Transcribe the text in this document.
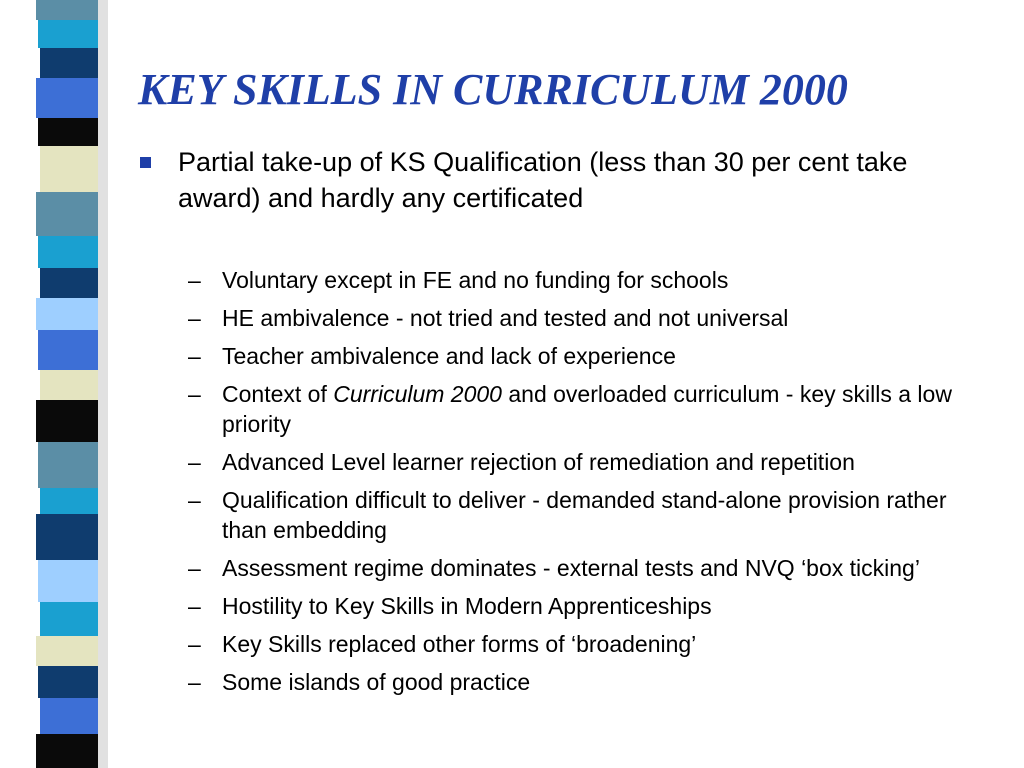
KEY SKILLS IN CURRICULUM 2000
Partial take-up of KS Qualification (less than 30 per cent take award) and hardly any certificated
– Voluntary except in FE and no funding for schools
– HE ambivalence - not tried and tested and not universal
– Teacher ambivalence and lack of experience
– Context of Curriculum 2000 and overloaded curriculum - key skills a low priority
– Advanced Level learner rejection of remediation and repetition
– Qualification difficult to deliver - demanded stand-alone provision rather than embedding
– Assessment regime dominates - external tests and NVQ ‘box ticking’
– Hostility to Key Skills in Modern Apprenticeships
– Key Skills replaced other forms of ‘broadening’
– Some islands of good practice
